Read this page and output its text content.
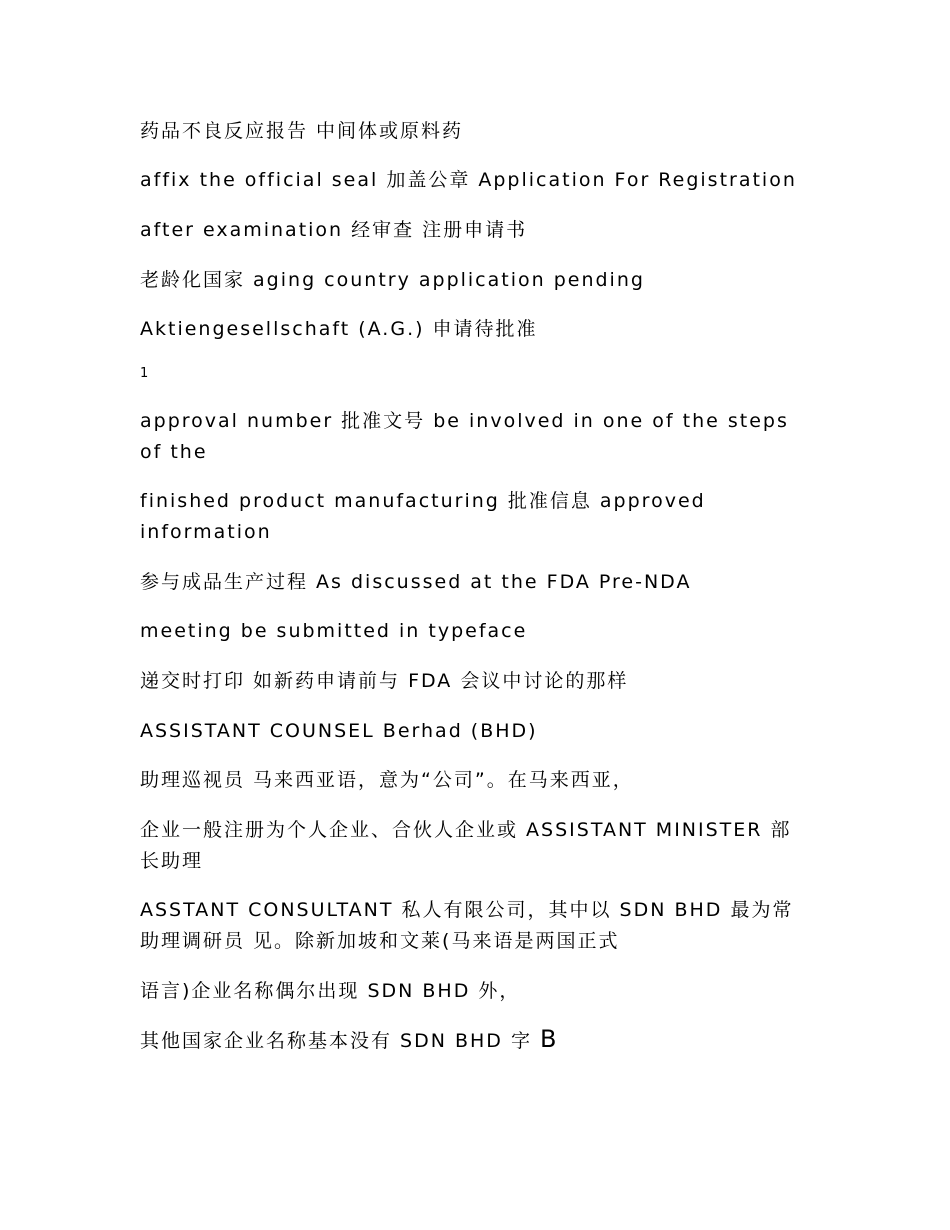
药品不良反应报告 中间体或原料药
affix the official seal 加盖公章 Application For Registration
after examination 经审查 注册申请书
老龄化国家 aging country application pending
Aktiengesellschaft (A.G.) 申请待批准
1
approval number 批准文号 be involved in one of the steps of the
finished product manufacturing 批准信息 approved information
参与成品生产过程 As discussed at the FDA Pre-NDA
meeting be submitted in typeface
递交时打印 如新药申请前与 FDA 会议中讨论的那样
ASSISTANT COUNSEL Berhad (BHD)
助理巡视员 马来西亚语，意为“公司”。在马来西亚，
企业一般注册为个人企业、合伙人企业或 ASSISTANT MINISTER 部长助理
ASSTANT CONSULTANT 私人有限公司，其中以 SDN BHD 最为常助理调研员 见。除新加坡和文莱(马来语是两国正式
语言)企业名称偶尔出现 SDN BHD 外，
其他国家企业名称基本没有 SDN BHD 字 B
